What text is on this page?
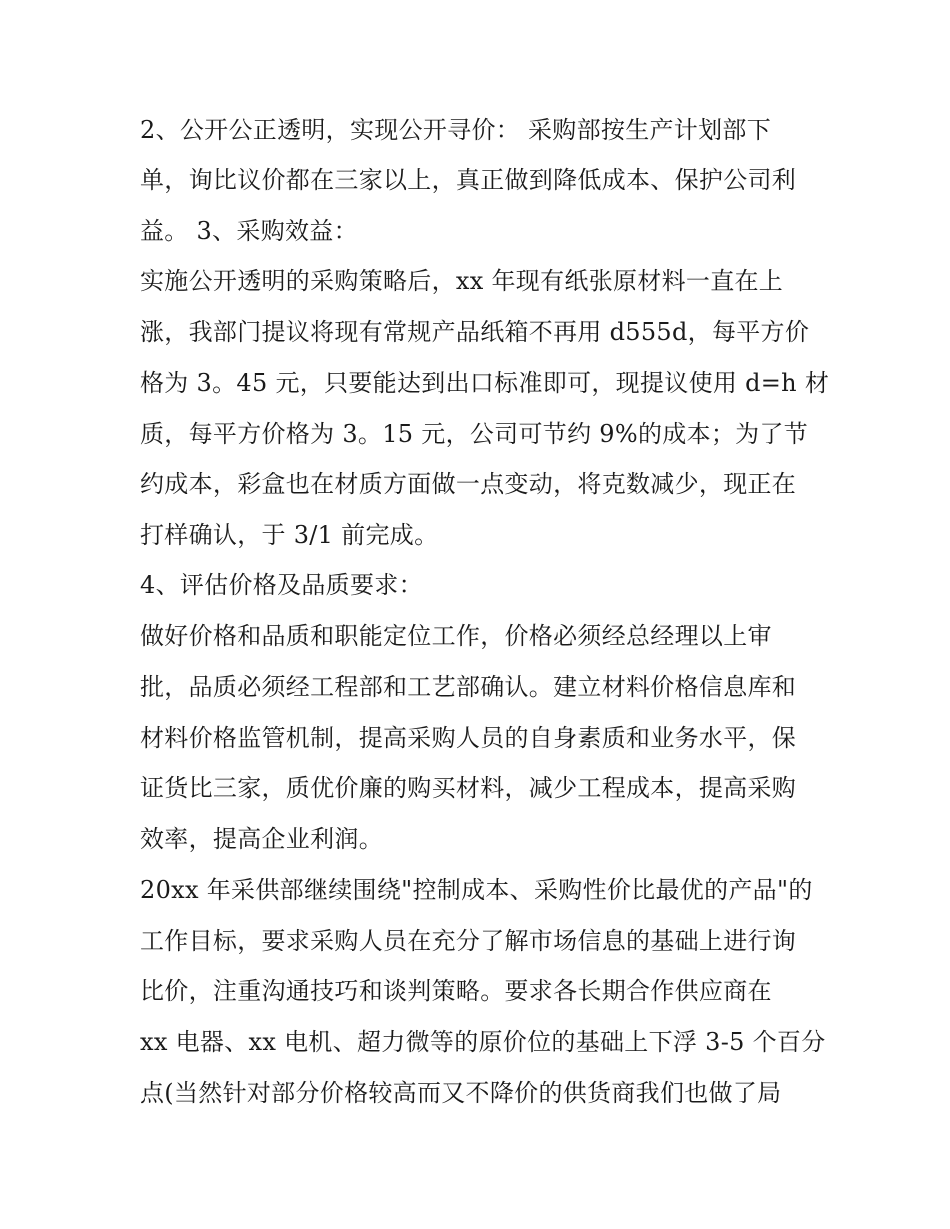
2、公开公正透明，实现公开寻价： 采购部按生产计划部下
单，询比议价都在三家以上，真正做到降低成本、保护公司利
益。 3、采购效益：
实施公开透明的采购策略后，xx 年现有纸张原材料一直在上
涨，我部门提议将现有常规产品纸箱不再用 d555d，每平方价
格为 3。45 元，只要能达到出口标准即可，现提议使用 d=h 材
质，每平方价格为 3。15 元，公司可节约 9%的成本；为了节
约成本，彩盒也在材质方面做一点变动，将克数减少，现正在
打样确认，于 3/1 前完成。
4、评估价格及品质要求：
做好价格和品质和职能定位工作，价格必须经总经理以上审
批，品质必须经工程部和工艺部确认。建立材料价格信息库和
材料价格监管机制，提高采购人员的自身素质和业务水平，保
证货比三家，质优价廉的购买材料，减少工程成本，提高采购
效率，提高企业利润。
20xx 年采供部继续围绕"控制成本、采购性价比最优的产品"的
工作目标，要求采购人员在充分了解市场信息的基础上进行询
比价，注重沟通技巧和谈判策略。要求各长期合作供应商在
xx 电器、xx 电机、超力微等的原价位的基础上下浮 3-5 个百分
点(当然针对部分价格较高而又不降价的供货商我们也做了局
